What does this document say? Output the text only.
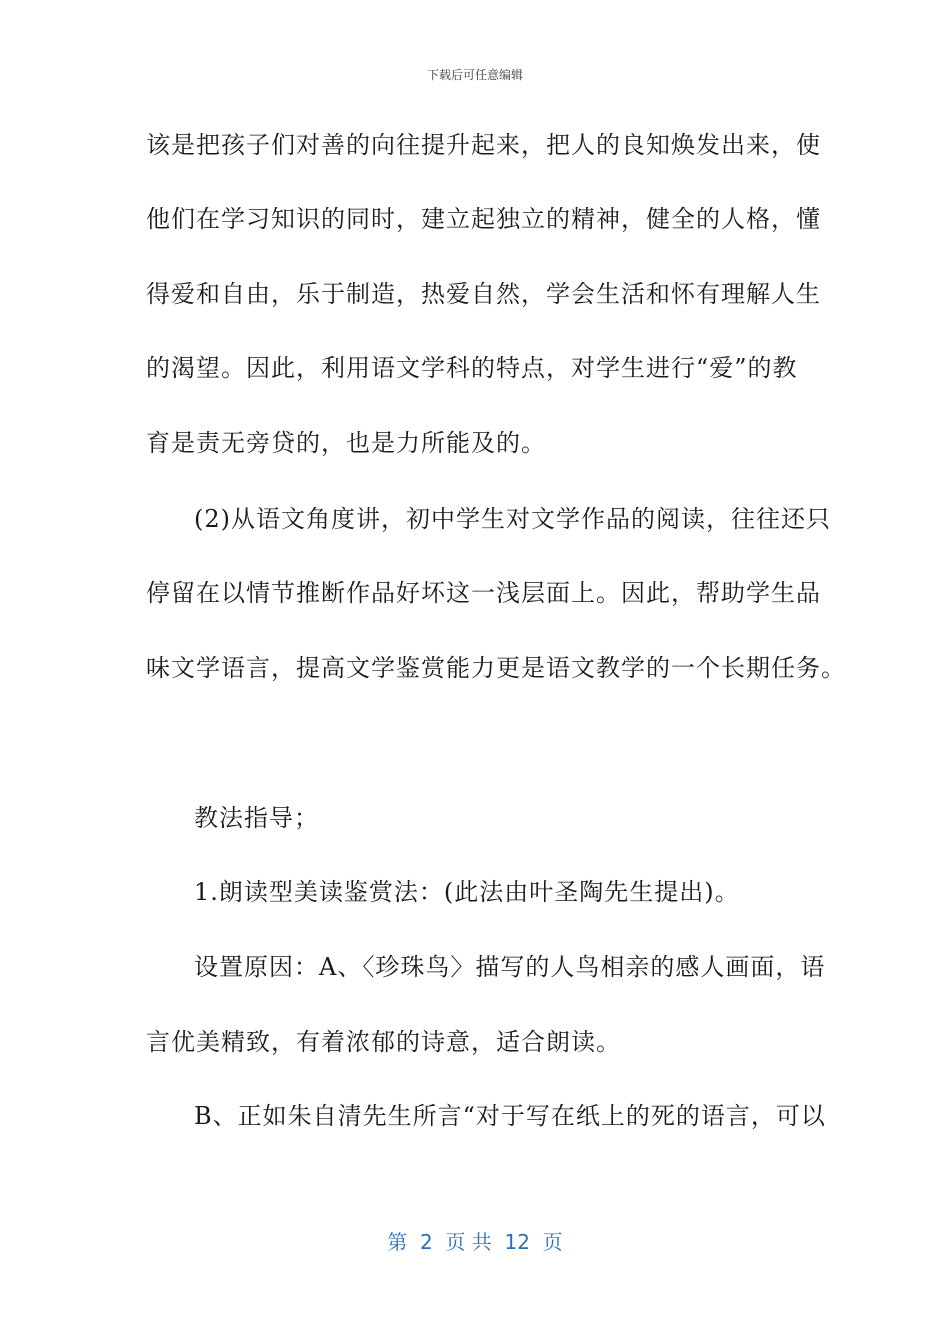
下载后可任意编辑
该是把孩子们对善的向往提升起来，把人的良知焕发出来，使
他们在学习知识的同时，建立起独立的精神，健全的人格，懂
得爱和自由，乐于制造，热爱自然，学会生活和怀有理解人生
的渴望。因此，利用语文学科的特点，对学生进行“爱”的教
育是责无旁贷的，也是力所能及的。
(2)从语文角度讲，初中学生对文学作品的阅读，往往还只
停留在以情节推断作品好坏这一浅层面上。因此，帮助学生品
味文学语言，提高文学鉴赏能力更是语文教学的一个长期任务。
教法指导；
1.朗读型美读鉴赏法：(此法由叶圣陶先生提出)。
设置原因：A、〈珍珠鸟〉描写的人鸟相亲的感人画面，语
言优美精致，有着浓郁的诗意，适合朗读。
B、正如朱自清先生所言“对于写在纸上的死的语言，可以
第  2  页 共  12  页
